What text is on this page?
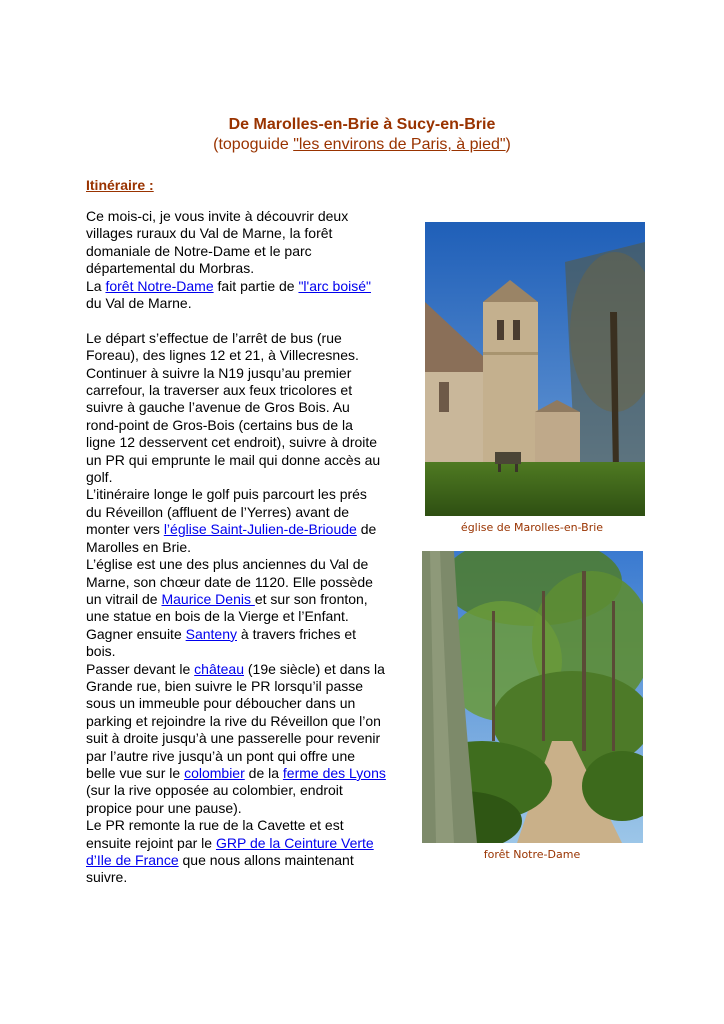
De Marolles-en-Brie à Sucy-en-Brie
(topoguide "les environs de Paris, à pied")
Itinéraire :

Ce mois-ci, je vous invite à découvrir deux villages ruraux du Val de Marne, la forêt domaniale de Notre-Dame et le parc départemental du Morbras.

La forêt Notre-Dame fait partie de "l'arc boisé" du Val de Marne.

Le départ s’effectue de l’arrêt de bus (rue Foreau), des lignes 12 et 21, à Villecresnes. Continuer à suivre la N19 jusqu’au premier carrefour, la traverser aux feux tricolores et suivre à gauche l’avenue de Gros Bois. Au rond-point de Gros-Bois (certains bus de la ligne 12 desservent cet endroit), suivre à droite un PR qui emprunte le mail qui donne accès au golf.

L’itinéraire longe le golf puis parcourt les prés du Réveillon (affluent de l’Yerres) avant de monter vers l’église Saint-Julien-de-Brioude de Marolles en Brie.

L’église est une des plus anciennes du Val de Marne, son chœur date de 1120. Elle possède un vitrail de Maurice Denis et sur son fronton, une statue en bois de la Vierge et l’Enfant.

Gagner ensuite Santeny à travers friches et bois.

Passer devant le château (19e siècle) et dans la Grande rue, bien suivre le PR lorsqu’il passe sous un immeuble pour déboucher dans un parking et rejoindre la rive du Réveillon que l’on suit à droite jusqu’à une passerelle pour revenir par l’autre rive jusqu’à un pont qui offre une belle vue sur le colombier de la ferme des Lyons (sur la rive opposée au colombier, endroit propice pour une pause).

Le PR remonte la rue de la Cavette et est ensuite rejoint par le GRP de la Ceinture Verte d’Ile de France que nous allons maintenant suivre.

église de Marolles-en-Brie
forêt Notre-Dame
